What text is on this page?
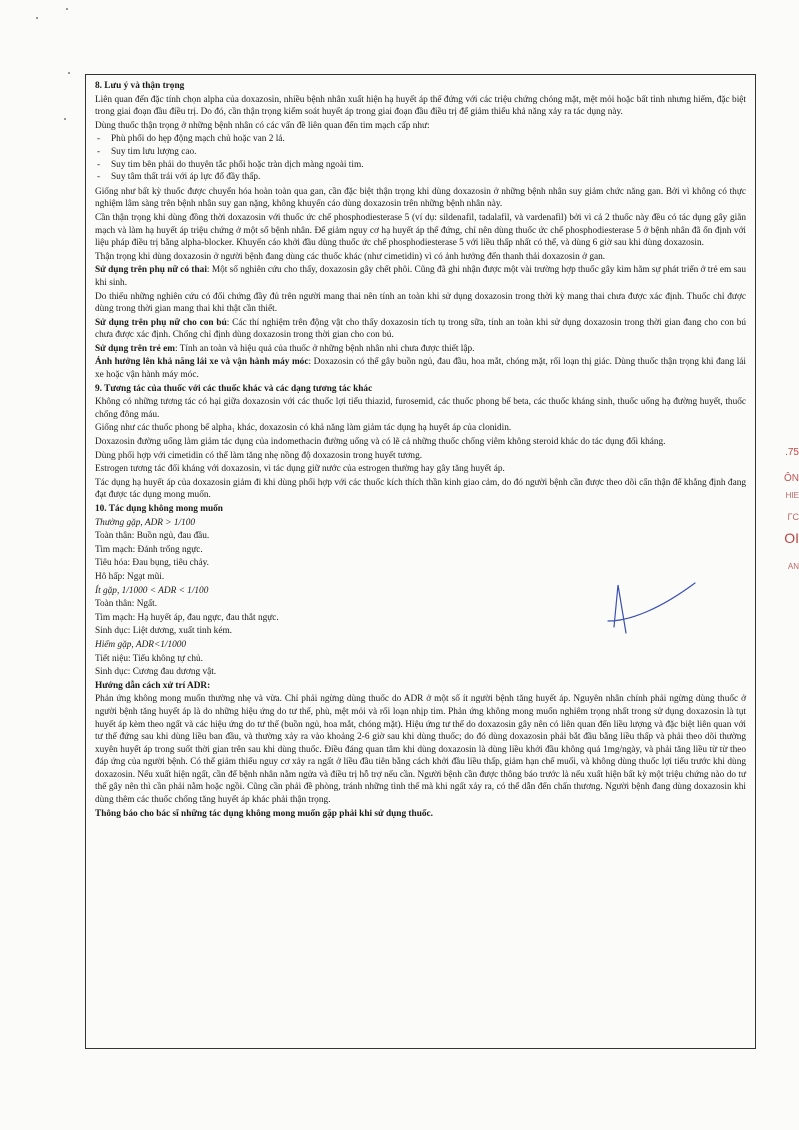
.75
ÔN
HIE
ΓC
OI
AN

8. Lưu ý và thận trọng

Liên quan đến đặc tính chọn alpha của doxazosin, nhiều bệnh nhân xuất hiện hạ huyết áp thế đứng với các triệu chứng chóng mặt, mệt mỏi hoặc bất tỉnh nhưng hiếm, đặc biệt trong giai đoạn đầu điều trị. Do đó, cần thận trọng kiểm soát huyết áp trong giai đoạn đầu điều trị để giảm thiểu khả năng xảy ra tác dụng này.

Dùng thuốc thận trọng ở những bệnh nhân có các vấn đề liên quan đến tim mạch cấp như:

- Phù phổi do hẹp động mạch chủ hoặc van 2 lá.
- Suy tim lưu lượng cao.
- Suy tim bên phải do thuyên tắc phổi hoặc tràn dịch màng ngoài tim.
- Suy tâm thất trái với áp lực đổ đầy thấp.

Giống như bất kỳ thuốc được chuyển hóa hoàn toàn qua gan, cần đặc biệt thận trọng khi dùng doxazosin ở những bệnh nhân suy giảm chức năng gan. Bởi vì không có thực nghiệm lâm sàng trên bệnh nhân suy gan nặng, không khuyến cáo dùng doxazosin trên những bệnh nhân này.

Cần thận trọng khi dùng đồng thời doxazosin với thuốc ức chế phosphodiesterase 5 (ví dụ: sildenafil, tadalafil, và vardenafil) bởi vì cả 2 thuốc này đều có tác dụng gây giãn mạch và làm hạ huyết áp triệu chứng ở một số bệnh nhân. Để giảm nguy cơ hạ huyết áp thế đứng, chỉ nên dùng thuốc ức chế phosphodiesterase 5 ở bệnh nhân đã ổn định với liệu pháp điều trị bằng alpha-blocker. Khuyến cáo khởi đầu dùng thuốc ức chế phosphodiesterase 5 với liều thấp nhất có thể, và dùng 6 giờ sau khi dùng doxazosin.

Thận trọng khi dùng doxazosin ở người bệnh đang dùng các thuốc khác (như cimetidin) vì có ảnh hưởng đến thanh thải doxazosin ở gan.

Sử dụng trên phụ nữ có thai: Một số nghiên cứu cho thấy, doxazosin gây chết phôi. Cũng đã ghi nhận được một vài trường hợp thuốc gây kìm hãm sự phát triển ở trẻ em sau khi sinh.

Do thiếu những nghiên cứu có đối chứng đầy đủ trên người mang thai nên tính an toàn khi sử dụng doxazosin trong thời kỳ mang thai chưa được xác định. Thuốc chỉ được dùng trong thời gian mang thai khi thật cần thiết.

Sử dụng trên phụ nữ cho con bú: Các thí nghiệm trên động vật cho thấy doxazosin tích tụ trong sữa, tính an toàn khi sử dụng doxazosin trong thời gian đang cho con bú chưa được xác định. Chống chỉ định dùng doxazosin trong thời gian cho con bú.

Sử dụng trên trẻ em: Tính an toàn và hiệu quả của thuốc ở những bệnh nhân nhi chưa được thiết lập.

Ảnh hưởng lên khả năng lái xe và vận hành máy móc: Doxazosin có thể gây buồn ngủ, đau đầu, hoa mắt, chóng mặt, rối loạn thị giác. Dùng thuốc thận trọng khi đang lái xe hoặc vận hành máy móc.

9. Tương tác của thuốc với các thuốc khác và các dạng tương tác khác

Không có những tương tác có hại giữa doxazosin với các thuốc lợi tiểu thiazid, furosemid, các thuốc phong bế beta, các thuốc kháng sinh, thuốc uống hạ đường huyết, thuốc chống đông máu.

Giống như các thuốc phong bế alpha₁ khác, doxazosin có khả năng làm giảm tác dụng hạ huyết áp của clonidin.

Doxazosin đường uống làm giảm tác dụng của indomethacin đường uống và có lẽ cả những thuốc chống viêm không steroid khác do tác dụng đối kháng.

Dùng phối hợp với cimetidin có thể làm tăng nhẹ nồng độ doxazosin trong huyết tương.

Estrogen tương tác đối kháng với doxazosin, vì tác dụng giữ nước của estrogen thường hay gây tăng huyết áp.

Tác dụng hạ huyết áp của doxazosin giảm đi khi dùng phối hợp với các thuốc kích thích thần kinh giao cảm, do đó người bệnh cần được theo dõi cẩn thận để khẳng định đang đạt được tác dụng mong muốn.

10. Tác dụng không mong muốn

Thường gặp, ADR > 1/100

Toàn thân: Buồn ngủ, đau đầu.

Tim mạch: Đánh trống ngực.

Tiêu hóa: Đau bụng, tiêu chảy.

Hô hấp: Ngạt mũi.

Ít gặp, 1/1000 < ADR < 1/100

Toàn thân: Ngất.

Tim mạch: Hạ huyết áp, đau ngực, đau thắt ngực.

Sinh dục: Liệt dương, xuất tinh kém.

Hiếm gặp, ADR<1/1000

Tiết niệu: Tiểu không tự chủ.

Sinh dục: Cương đau dương vật.

Hướng dẫn cách xử trí ADR:

Phản ứng không mong muốn thường nhẹ và vừa. Chỉ phải ngừng dùng thuốc do ADR ở một số ít người bệnh tăng huyết áp. Nguyên nhân chính phải ngừng dùng thuốc ở người bệnh tăng huyết áp là do những hiệu ứng do tư thế, phù, mệt mỏi và rối loạn nhịp tim. Phản ứng không mong muốn nghiêm trọng nhất trong sử dụng doxazosin là tụt huyết áp kèm theo ngất và các hiệu ứng do tư thế (buồn ngủ, hoa mắt, chóng mặt). Hiệu ứng tư thế do doxazosin gây nên có liên quan đến liều lượng và đặc biệt liên quan với tư thế đứng sau khi dùng liều ban đầu, và thường xảy ra vào khoảng 2-6 giờ sau khi dùng thuốc; do đó dùng doxazosin phải bắt đầu bằng liều thấp và phải theo dõi thường xuyên huyết áp trong suốt thời gian trên sau khi dùng thuốc. Điều đáng quan tâm khi dùng doxazosin là dùng liều khởi đầu không quá 1mg/ngày, và phải tăng liều từ từ theo đáp ứng của người bệnh. Có thể giảm thiểu nguy cơ xảy ra ngất ở liều đầu tiên bằng cách khởi đầu liều thấp, giảm hạn chế muối, và không dùng thuốc lợi tiểu trước khi dùng doxazosin. Nếu xuất hiện ngất, cần để bệnh nhân nằm ngửa và điều trị hỗ trợ nếu cần. Người bệnh cần được thông báo trước là nếu xuất hiện bất kỳ một triệu chứng nào do tư thế gây nên thì cần phải nằm hoặc ngồi. Cũng cần phải đề phòng, tránh những tình thế mà khi ngất xảy ra, có thể dẫn đến chấn thương. Người bệnh đang dùng doxazosin khi dùng thêm các thuốc chống tăng huyết áp khác phải thận trọng.

Thông báo cho bác sĩ những tác dụng không mong muốn gặp phải khi sử dụng thuốc.
